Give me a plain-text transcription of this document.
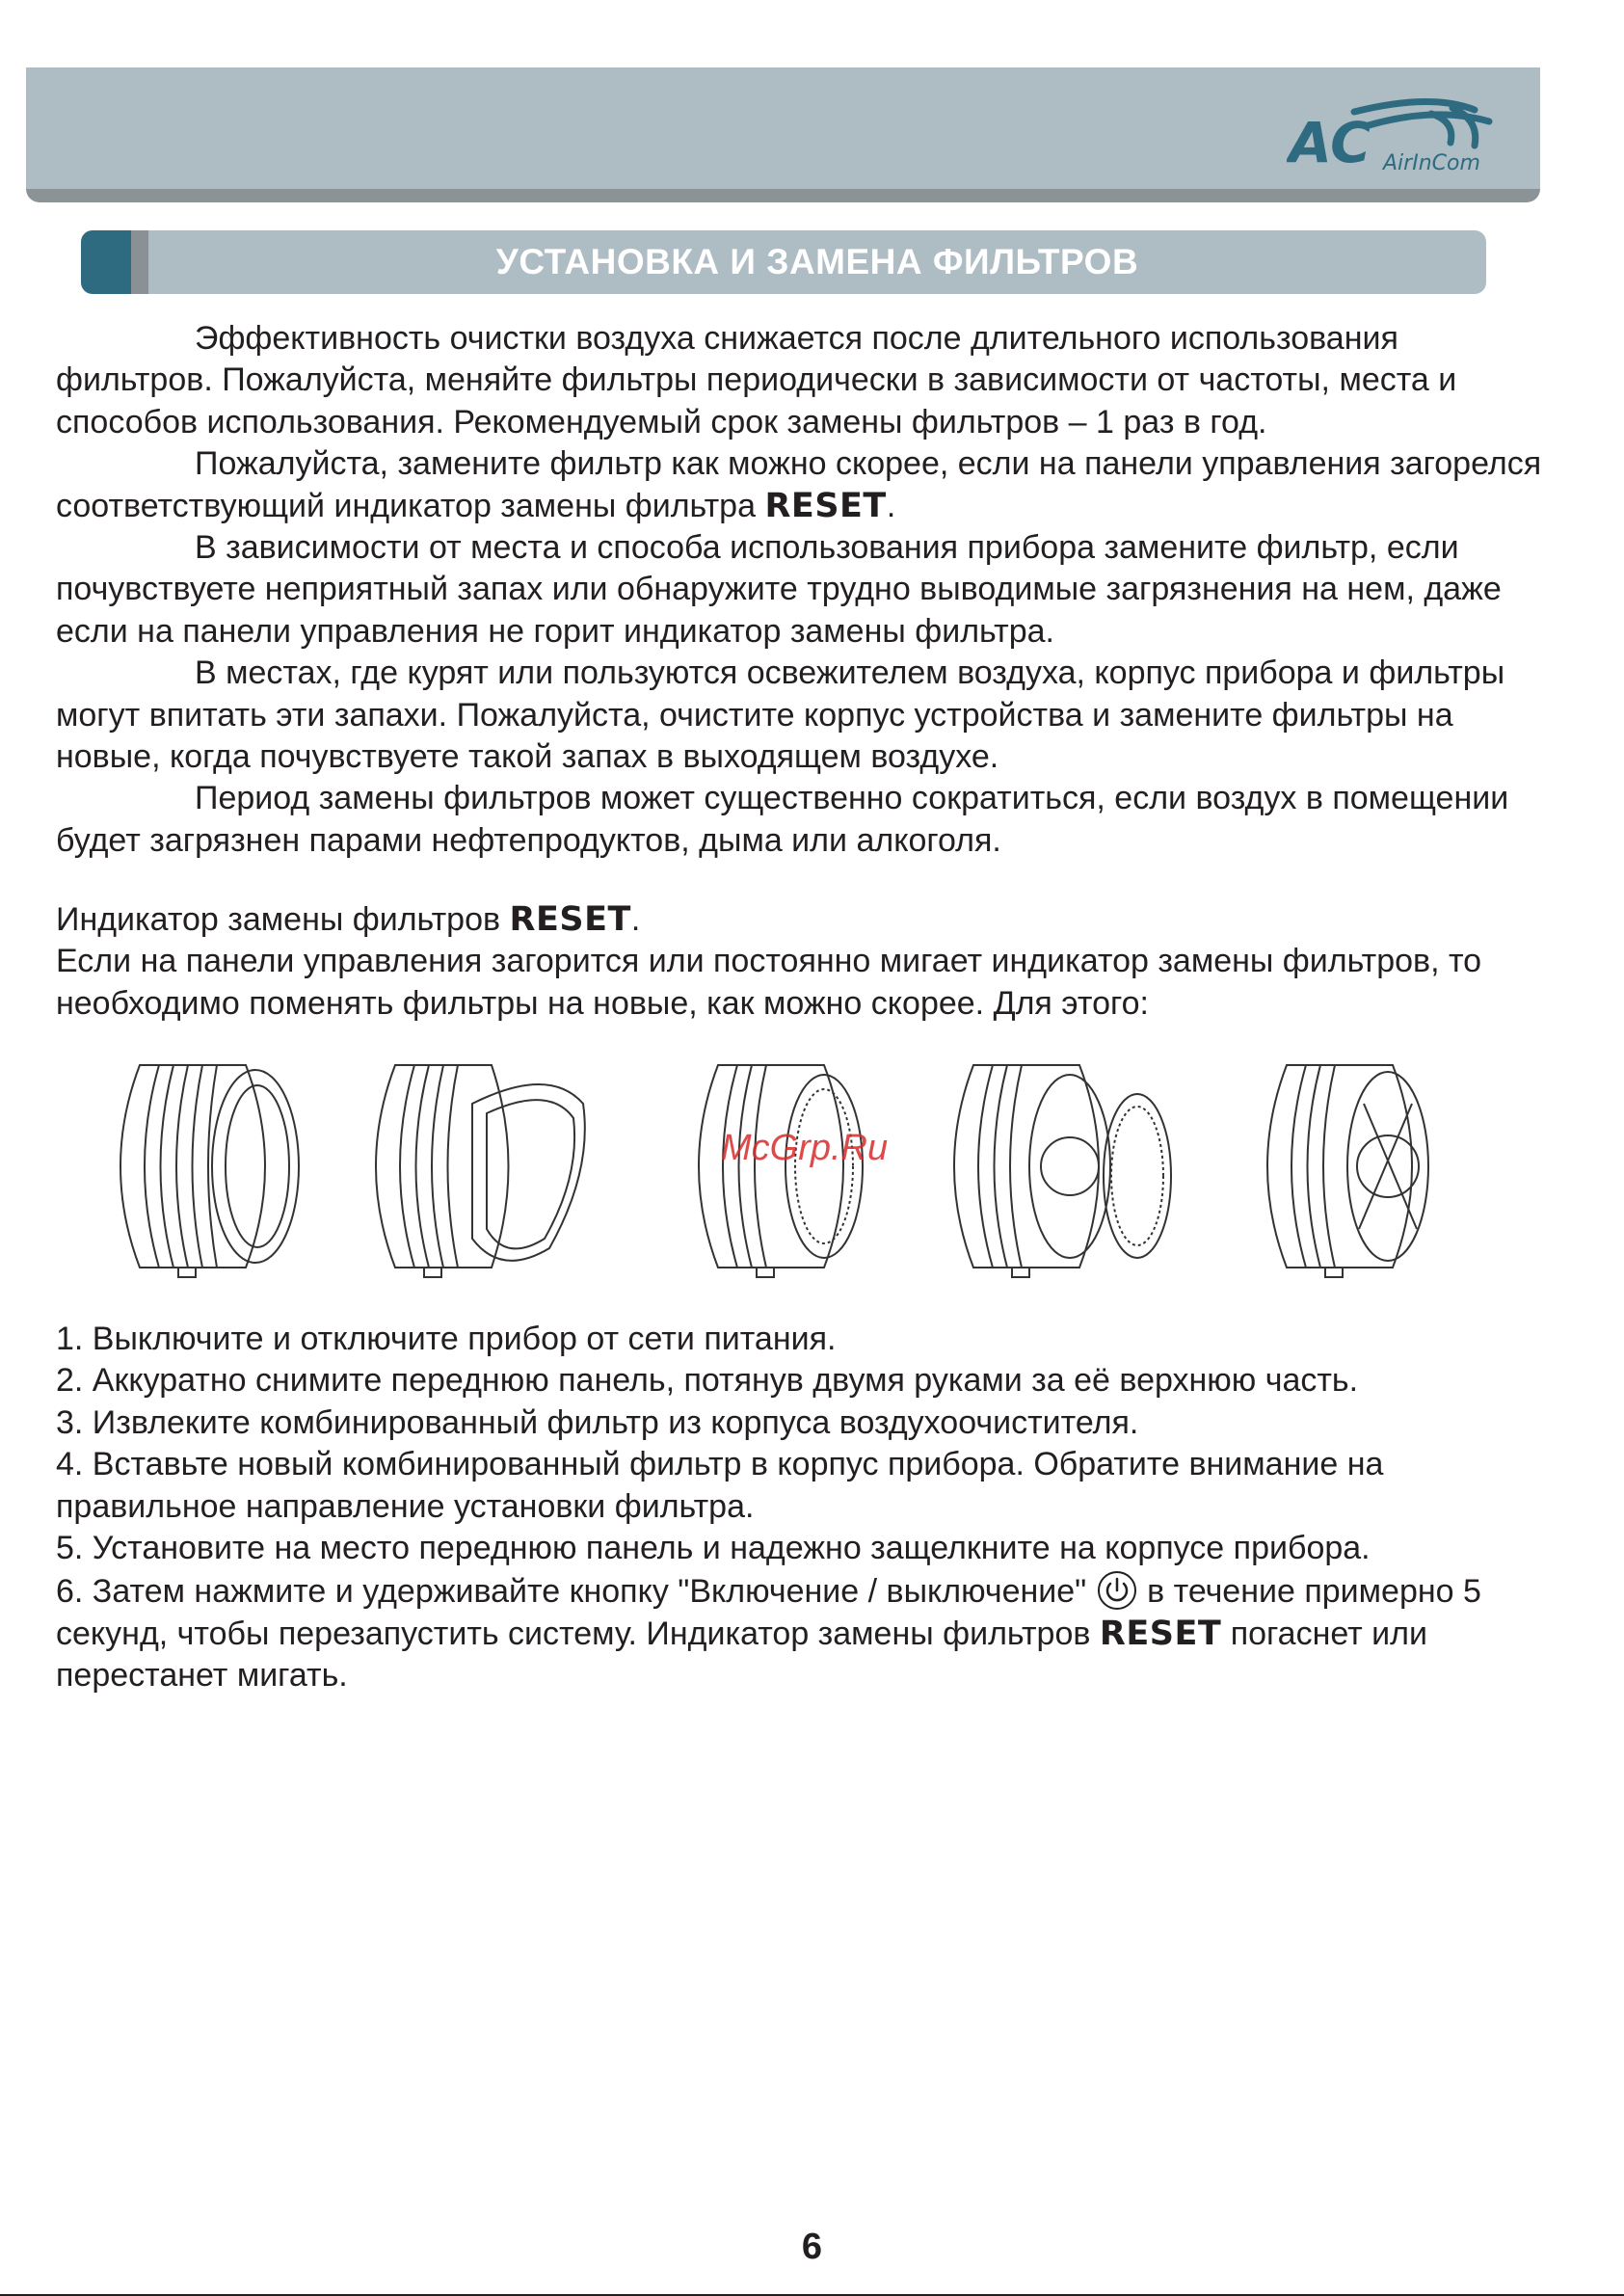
AC AirInCom
УСТАНОВКА И ЗАМЕНА ФИЛЬТРОВ

Эффективность очистки воздуха снижается после длительного использования фильтров. Пожалуйста, меняйте фильтры периодически в зависимости от частоты, места и способов использования. Рекомендуемый срок замены фильтров – 1 раз в год.

Пожалуйста, замените фильтр как можно скорее, если на панели управления загорелся соответствующий индикатор замены фильтра RESET.

В зависимости от места и способа использования прибора замените фильтр, если почувствуете неприятный запах или обнаружите трудно выводимые загрязнения на нем, даже если на панели управления не горит индикатор замены фильтра.

В местах, где курят или пользуются освежителем воздуха, корпус прибора и фильтры могут впитать эти запахи. Пожалуйста, очистите корпус устройства и замените фильтры на новые, когда почувствуете такой запах в выходящем воздухе.

Период замены фильтров может существенно сократиться, если воздух в помещении будет загрязнен парами нефтепродуктов, дыма или алкоголя.

Индикатор замены фильтров RESET.

Если на панели управления загорится или постоянно мигает индикатор замены фильтров, то необходимо поменять фильтры на новые, как можно скорее. Для этого:

McGrp.Ru

1. Выключите и отключите прибор от сети питания.

2. Аккуратно снимите переднюю панель, потянув двумя руками за её верхнюю часть.

3. Извлеките комбинированный фильтр из корпуса воздухоочистителя.

4. Вставьте новый комбинированный фильтр в корпус прибора. Обратите внимание на правильное направление установки фильтра.

5. Установите на место переднюю панель и надежно защелкните на корпусе прибора.

6. Затем нажмите и удерживайте кнопку "Включение / выключение"  в течение примерно 5 секунд, чтобы перезапустить систему. Индикатор замены фильтров RESET погаснет или перестанет мигать.

6
